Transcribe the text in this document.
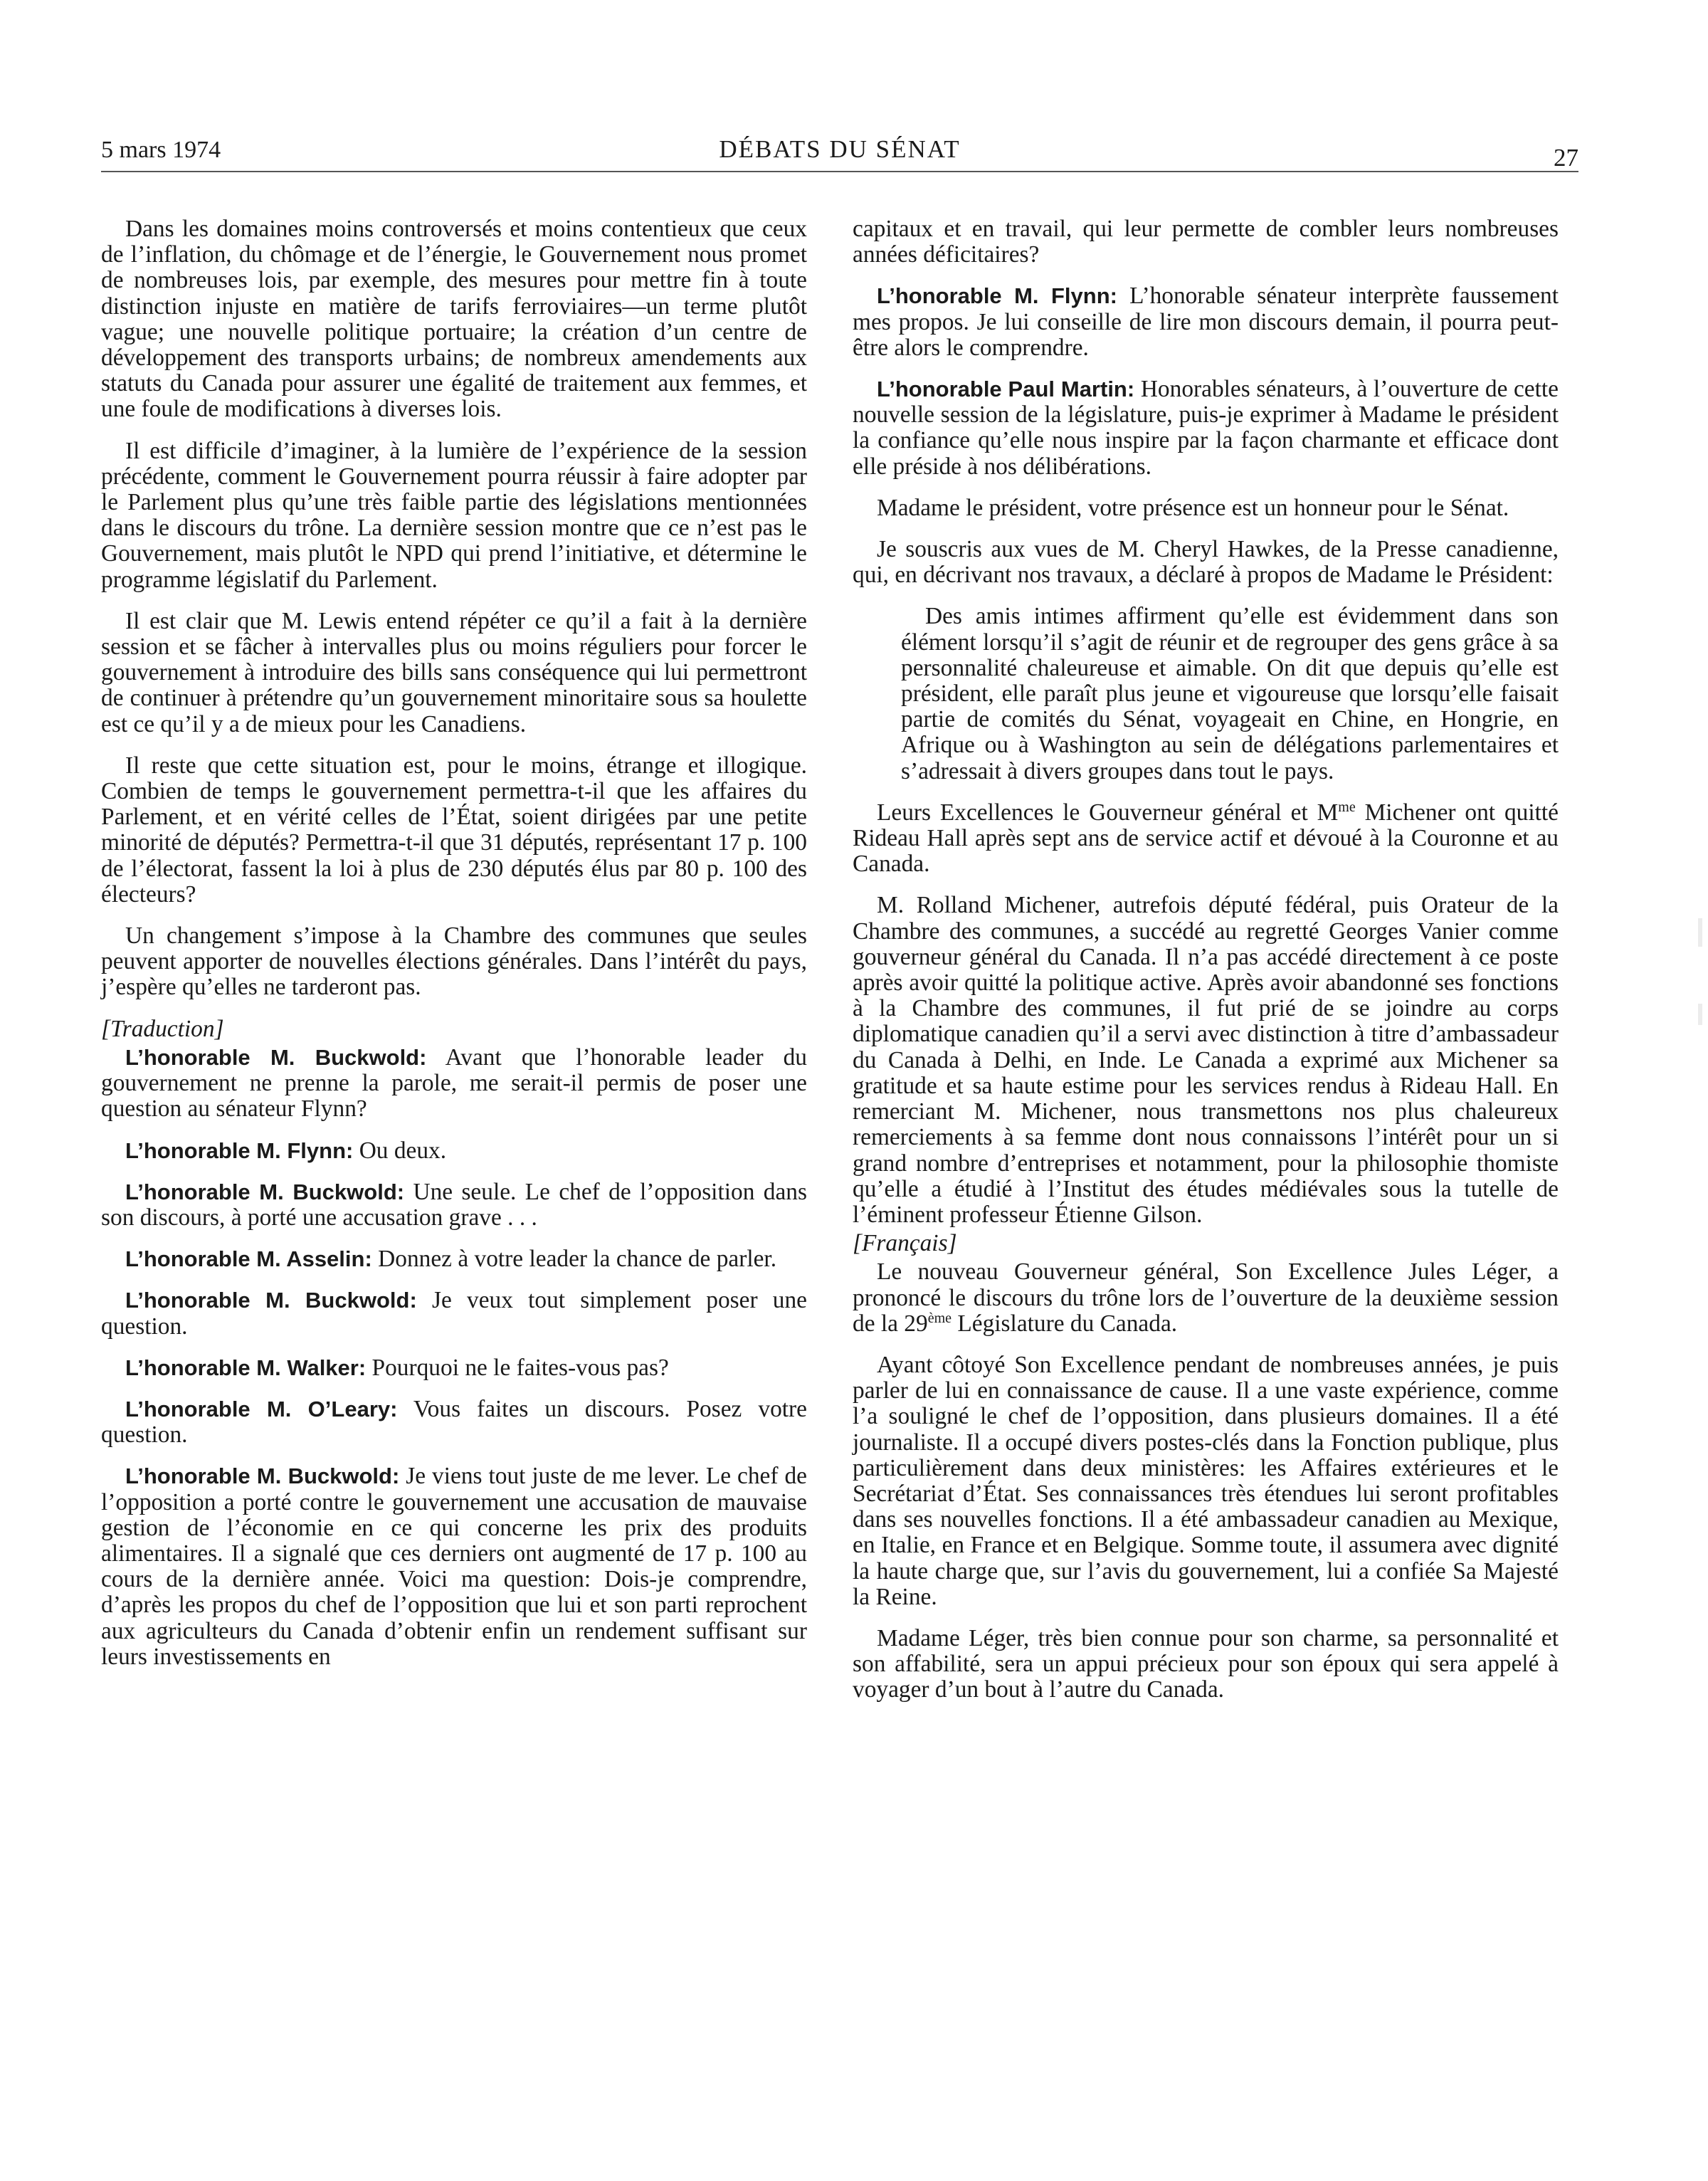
5 mars 1974	DÉBATS DU SÉNAT	27

Dans les domaines moins controversés et moins contentieux que ceux de l’inflation, du chômage et de l’énergie, le Gouvernement nous promet de nombreuses lois, par exemple, des mesures pour mettre fin à toute distinction injuste en matière de tarifs ferroviaires—un terme plutôt vague; une nouvelle politique portuaire; la création d’un centre de développement des transports urbains; de nombreux amendements aux statuts du Canada pour assurer une égalité de traitement aux femmes, et une foule de modifications à diverses lois.

Il est difficile d’imaginer, à la lumière de l’expérience de la session précédente, comment le Gouvernement pourra réussir à faire adopter par le Parlement plus qu’une très faible partie des législations mentionnées dans le discours du trône. La dernière session montre que ce n’est pas le Gouvernement, mais plutôt le NPD qui prend l’initiative, et détermine le programme législatif du Parlement.

Il est clair que M. Lewis entend répéter ce qu’il a fait à la dernière session et se fâcher à intervalles plus ou moins réguliers pour forcer le gouvernement à introduire des bills sans conséquence qui lui permettront de continuer à prétendre qu’un gouvernement minoritaire sous sa houlette est ce qu’il y a de mieux pour les Canadiens.

Il reste que cette situation est, pour le moins, étrange et illogique. Combien de temps le gouvernement permettra-t-il que les affaires du Parlement, et en vérité celles de l’État, soient dirigées par une petite minorité de députés? Permettra-t-il que 31 députés, représentant 17 p. 100 de l’électorat, fassent la loi à plus de 230 députés élus par 80 p. 100 des électeurs?

Un changement s’impose à la Chambre des communes que seules peuvent apporter de nouvelles élections générales. Dans l’intérêt du pays, j’espère qu’elles ne tarderont pas.

[Traduction]

L’honorable M. Buckwold: Avant que l’honorable leader du gouvernement ne prenne la parole, me serait-il permis de poser une question au sénateur Flynn?

L’honorable M. Flynn: Ou deux.

L’honorable M. Buckwold: Une seule. Le chef de l’opposition dans son discours, à porté une accusation grave . . .

L’honorable M. Asselin: Donnez à votre leader la chance de parler.

L’honorable M. Buckwold: Je veux tout simplement poser une question.

L’honorable M. Walker: Pourquoi ne le faites-vous pas?

L’honorable M. O’Leary: Vous faites un discours. Posez votre question.

L’honorable M. Buckwold: Je viens tout juste de me lever. Le chef de l’opposition a porté contre le gouvernement une accusation de mauvaise gestion de l’économie en ce qui concerne les prix des produits alimentaires. Il a signalé que ces derniers ont augmenté de 17 p. 100 au cours de la dernière année. Voici ma question: Dois-je comprendre, d’après les propos du chef de l’opposition que lui et son parti reprochent aux agriculteurs du Canada d’obtenir enfin un rendement suffisant sur leurs investissements en

capitaux et en travail, qui leur permette de combler leurs nombreuses années déficitaires?

L’honorable M. Flynn: L’honorable sénateur interprète faussement mes propos. Je lui conseille de lire mon discours demain, il pourra peut-être alors le comprendre.

L’honorable Paul Martin: Honorables sénateurs, à l’ouverture de cette nouvelle session de la législature, puis-je exprimer à Madame le président la confiance qu’elle nous inspire par la façon charmante et efficace dont elle préside à nos délibérations.

Madame le président, votre présence est un honneur pour le Sénat.

Je souscris aux vues de M. Cheryl Hawkes, de la Presse canadienne, qui, en décrivant nos travaux, a déclaré à propos de Madame le Président:

Des amis intimes affirment qu’elle est évidemment dans son élément lorsqu’il s’agit de réunir et de regrouper des gens grâce à sa personnalité chaleureuse et aimable. On dit que depuis qu’elle est président, elle paraît plus jeune et vigoureuse que lorsqu’elle faisait partie de comités du Sénat, voyageait en Chine, en Hongrie, en Afrique ou à Washington au sein de délégations parlementaires et s’adressait à divers groupes dans tout le pays.

Leurs Excellences le Gouverneur général et $M^{me}$ Michener ont quitté Rideau Hall après sept ans de service actif et dévoué à la Couronne et au Canada.

M. Rolland Michener, autrefois député fédéral, puis Orateur de la Chambre des communes, a succédé au regretté Georges Vanier comme gouverneur général du Canada. Il n’a pas accédé directement à ce poste après avoir quitté la politique active. Après avoir abandonné ses fonctions à la Chambre des communes, il fut prié de se joindre au corps diplomatique canadien qu’il a servi avec distinction à titre d’ambassadeur du Canada à Delhi, en Inde. Le Canada a exprimé aux Michener sa gratitude et sa haute estime pour les services rendus à Rideau Hall. En remerciant M. Michener, nous transmettons nos plus chaleureux remerciements à sa femme dont nous connaissons l’intérêt pour un si grand nombre d’entreprises et notamment, pour la philosophie thomiste qu’elle a étudié à l’Institut des études médiévales sous la tutelle de l’éminent professeur Étienne Gilson.

[Français]

Le nouveau Gouverneur général, Son Excellence Jules Léger, a prononcé le discours du trône lors de l’ouverture de la deuxième session de la 29ème Législature du Canada.

Ayant côtoyé Son Excellence pendant de nombreuses années, je puis parler de lui en connaissance de cause. Il a une vaste expérience, comme l’a souligné le chef de l’opposition, dans plusieurs domaines. Il a été journaliste. Il a occupé divers postes-clés dans la Fonction publique, plus particulièrement dans deux ministères: les Affaires extérieures et le Secrétariat d’État. Ses connaissances très étendues lui seront profitables dans ses nouvelles fonctions. Il a été ambassadeur canadien au Mexique, en Italie, en France et en Belgique. Somme toute, il assumera avec dignité la haute charge que, sur l’avis du gouvernement, lui a confiée Sa Majesté la Reine.

Madame Léger, très bien connue pour son charme, sa personnalité et son affabilité, sera un appui précieux pour son époux qui sera appelé à voyager d’un bout à l’autre du Canada.
